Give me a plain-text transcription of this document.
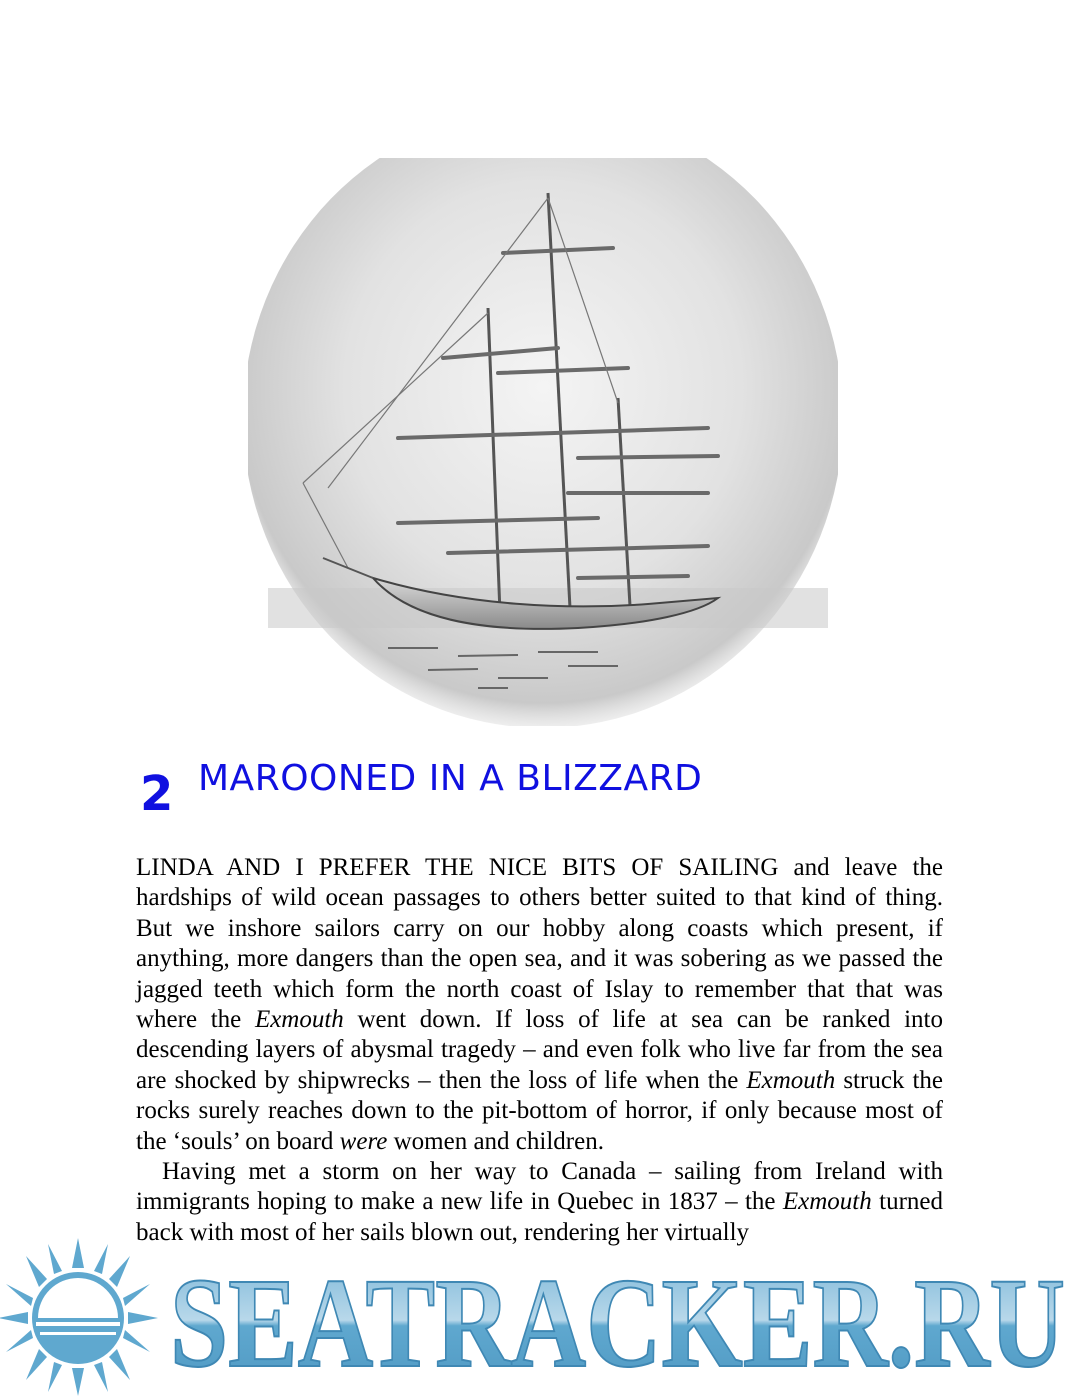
2 MAROONED IN A BLIZZARD

LINDA AND I PREFER THE NICE BITS OF SAILING and leave the hardships of wild ocean passages to others better suited to that kind of thing. But we inshore sailors carry on our hobby along coasts which present, if anything, more dangers than the open sea, and it was sobering as we passed the jagged teeth which form the north coast of Islay to remember that that was where the Exmouth went down. If loss of life at sea can be ranked into descending layers of abysmal tragedy – and even folk who live far from the sea are shocked by shipwrecks – then the loss of life when the Exmouth struck the rocks surely reaches down to the pit-bottom of horror, if only because most of the ‘souls’ on board were women and children.

Having met a storm on her way to Canada – sailing from Ireland with immigrants hoping to make a new life in Quebec in 1837 – the Exmouth turned back with most of her sails blown out, rendering her virtually

SEATRACKER.RU
